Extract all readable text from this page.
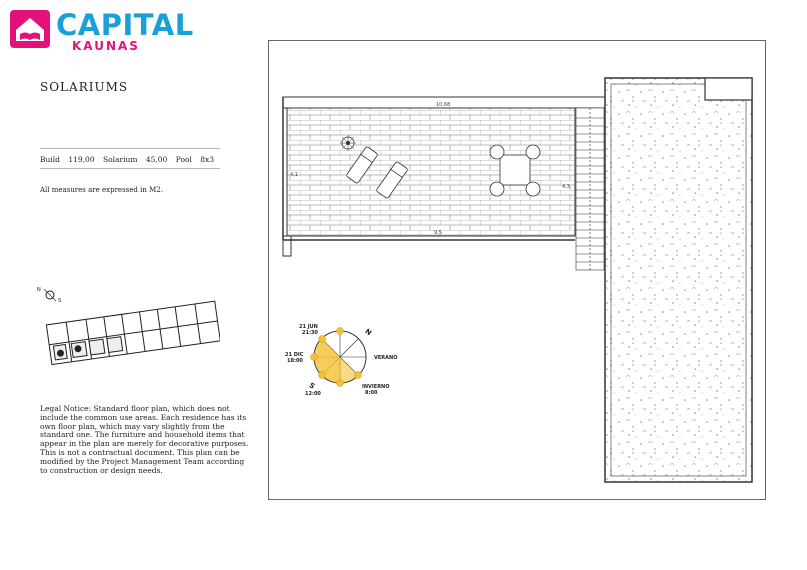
CAPITAL
KAUNAS
SOLARIUMS
Build 119,00 Solarium 45,00 Pool 8x3
All measures are expressed in M2.
N
S
Legal Notice: Standard floor plan, which does not include the common use areas. Each residence has its own floor plan, which may vary slightly from the standard one. The furniture and household items that appear in the plan are merely for decorative purposes. This is not a contractual document. This plan can be modified by the Project Management Team according to construction or design needs.
10,68
4,1
9,5
4,3
21 JUN
21:30
21 DIC
18:00	VERANO
INVIERNO
8:00
12:00
N
S
